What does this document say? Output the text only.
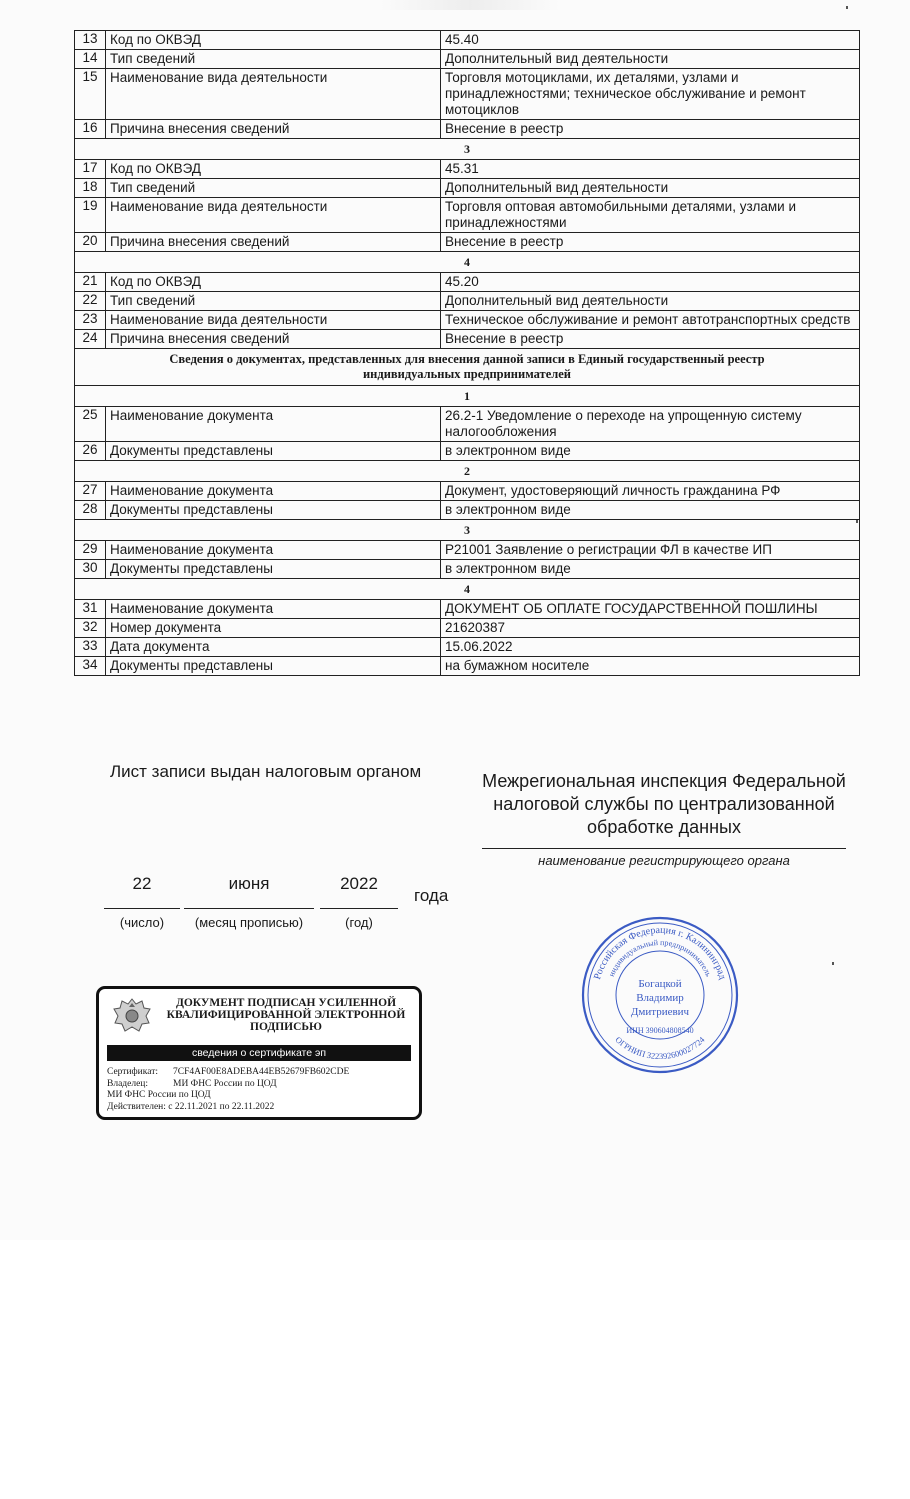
13	Код по ОКВЭД	45.40
14	Тип сведений	Дополнительный вид деятельности
15	Наименование вида деятельности	Торговля мотоциклами, их деталями, узлами и принадлежностями; техническое обслуживание и ремонт мотоциклов
16	Причина внесения сведений	Внесение в реестр
3		
17	Код по ОКВЭД	45.31
18	Тип сведений	Дополнительный вид деятельности
19	Наименование вида деятельности	Торговля оптовая автомобильными деталями, узлами и принадлежностями
20	Причина внесения сведений	Внесение в реестр
4		
21	Код по ОКВЭД	45.20
22	Тип сведений	Дополнительный вид деятельности
23	Наименование вида деятельности	Техническое обслуживание и ремонт автотранспортных средств
24	Причина внесения сведений	Внесение в реестр
Сведения о документах, представленных для внесения данной записи в Единый государственный реестр индивидуальных предпринимателей		
1		
25	Наименование документа	26.2-1 Уведомление о переходе на упрощенную систему налогообложения
26	Документы представлены	в электронном виде
2		
27	Наименование документа	Документ, удостоверяющий личность гражданина РФ
28	Документы представлены	в электронном виде
3		
29	Наименование документа	Р21001 Заявление о регистрации ФЛ в качестве ИП
30	Документы представлены	в электронном виде
4		
31	Наименование документа	ДОКУМЕНТ ОБ ОПЛАТЕ ГОСУДАРСТВЕННОЙ ПОШЛИНЫ
32	Номер документа	21620387
33	Дата документа	15.06.2022
34	Документы представлены	на бумажном носителе
Лист записи выдан налоговым органом	Межрегиональная инспекция Федеральной налоговой службы по централизованной обработке данных
наименование регистрирующего органа
22	июня	2022
года
(число)	(месяц прописью)	(год)
ДОКУМЕНТ ПОДПИСАН УСИЛЕННОЙ КВАЛИФИЦИРОВАННОЙ ЭЛЕКТРОННОЙ ПОДПИСЬЮ
сведения о сертификате эп
Сертификат: 7CF4AF00E8ADEBA44EB52679FB602CDE
Владелец:	МИ ФНС России по ЦОД
МИ ФНС России по ЦОД
Действителен: с 22.11.2021 по 22.11.2022
Российская Федерация г. Калининград
индивидуальный предприниматель
ОГРНИП 322392600027724
Богацкой
Владимир
Дмитриевич
ИНН 390604808540
